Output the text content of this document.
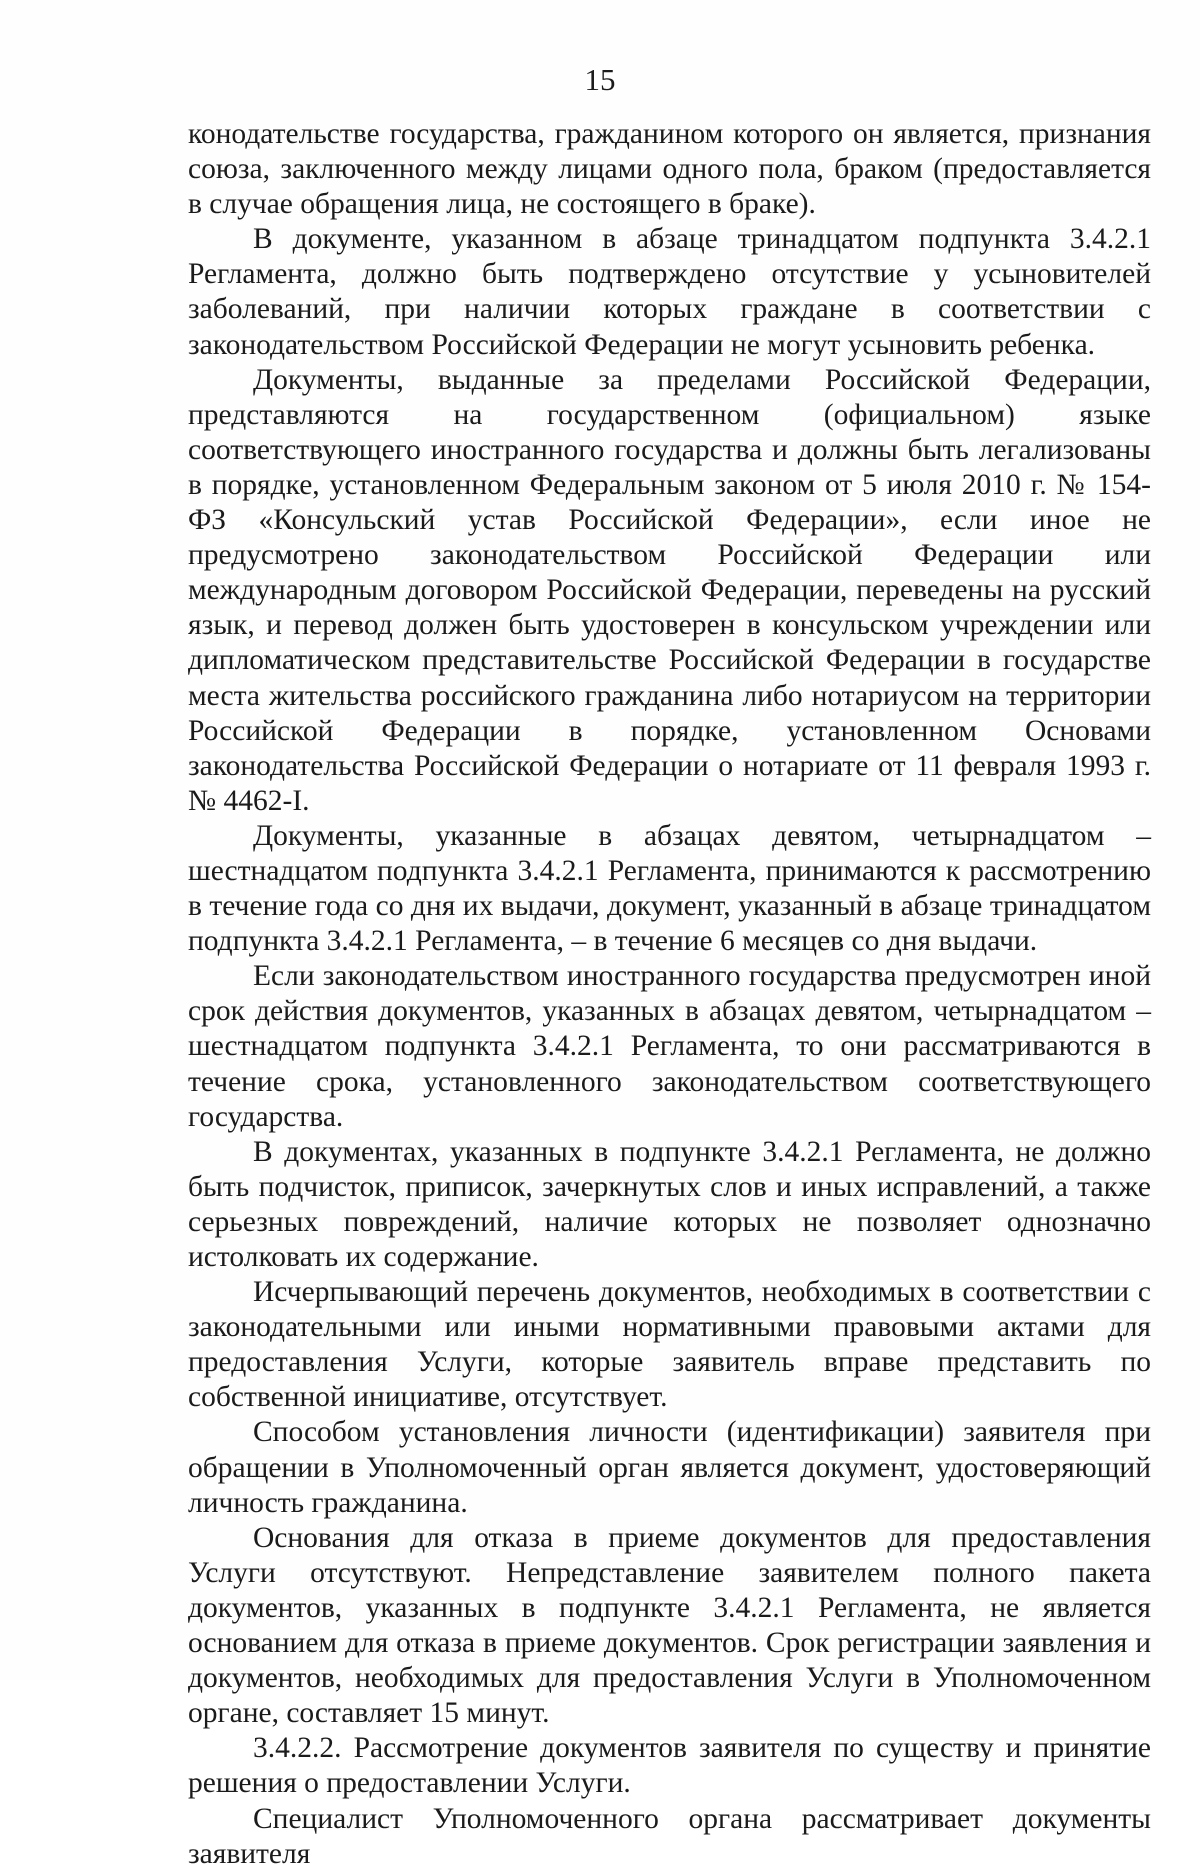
15

конодательстве государства, гражданином которого он является, признания союза, заключенного между лицами одного пола, браком (предоставляется в случае обращения лица, не состоящего в браке).

В документе, указанном в абзаце тринадцатом подпункта 3.4.2.1 Регламента, должно быть подтверждено отсутствие у усыновителей заболеваний, при наличии которых граждане в соответствии с законодательством Российской Федерации не могут усыновить ребенка.

Документы, выданные за пределами Российской Федерации, представляются на государственном (официальном) языке соответствующего иностранного государства и должны быть легализованы в порядке, установленном Федеральным законом от 5 июля 2010 г. № 154-ФЗ «Консульский устав Российской Федерации», если иное не предусмотрено законодательством Российской Федерации или международным договором Российской Федерации, переведены на русский язык, и перевод должен быть удостоверен в консульском учреждении или дипломатическом представительстве Российской Федерации в государстве места жительства российского гражданина либо нотариусом на территории Российской Федерации в порядке, установленном Основами законодательства Российской Федерации о нотариате от 11 февраля 1993 г. № 4462-I.

Документы, указанные в абзацах девятом, четырнадцатом – шестнадцатом подпункта 3.4.2.1 Регламента, принимаются к рассмотрению в течение года со дня их выдачи, документ, указанный в абзаце тринадцатом подпункта 3.4.2.1 Регламента, – в течение 6 месяцев со дня выдачи.

Если законодательством иностранного государства предусмотрен иной срок действия документов, указанных в абзацах девятом, четырнадцатом – шестнадцатом подпункта 3.4.2.1 Регламента, то они рассматриваются в течение срока, установленного законодательством соответствующего государства.

В документах, указанных в подпункте 3.4.2.1 Регламента, не должно быть подчисток, приписок, зачеркнутых слов и иных исправлений, а также серьезных повреждений, наличие которых не позволяет однозначно истолковать их содержание.

Исчерпывающий перечень документов, необходимых в соответствии с законодательными или иными нормативными правовыми актами для предоставления Услуги, которые заявитель вправе представить по собственной инициативе, отсутствует.

Способом установления личности (идентификации) заявителя при обращении в Уполномоченный орган является документ, удостоверяющий личность гражданина.

Основания для отказа в приеме документов для предоставления Услуги отсутствуют. Непредставление заявителем полного пакета документов, указанных в подпункте 3.4.2.1 Регламента, не является основанием для отказа в приеме документов. Срок регистрации заявления и документов, необходимых для предоставления Услуги в Уполномоченном органе, составляет 15 минут.

3.4.2.2. Рассмотрение документов заявителя по существу и принятие решения о предоставлении Услуги.

Специалист Уполномоченного органа рассматривает документы заявителя
